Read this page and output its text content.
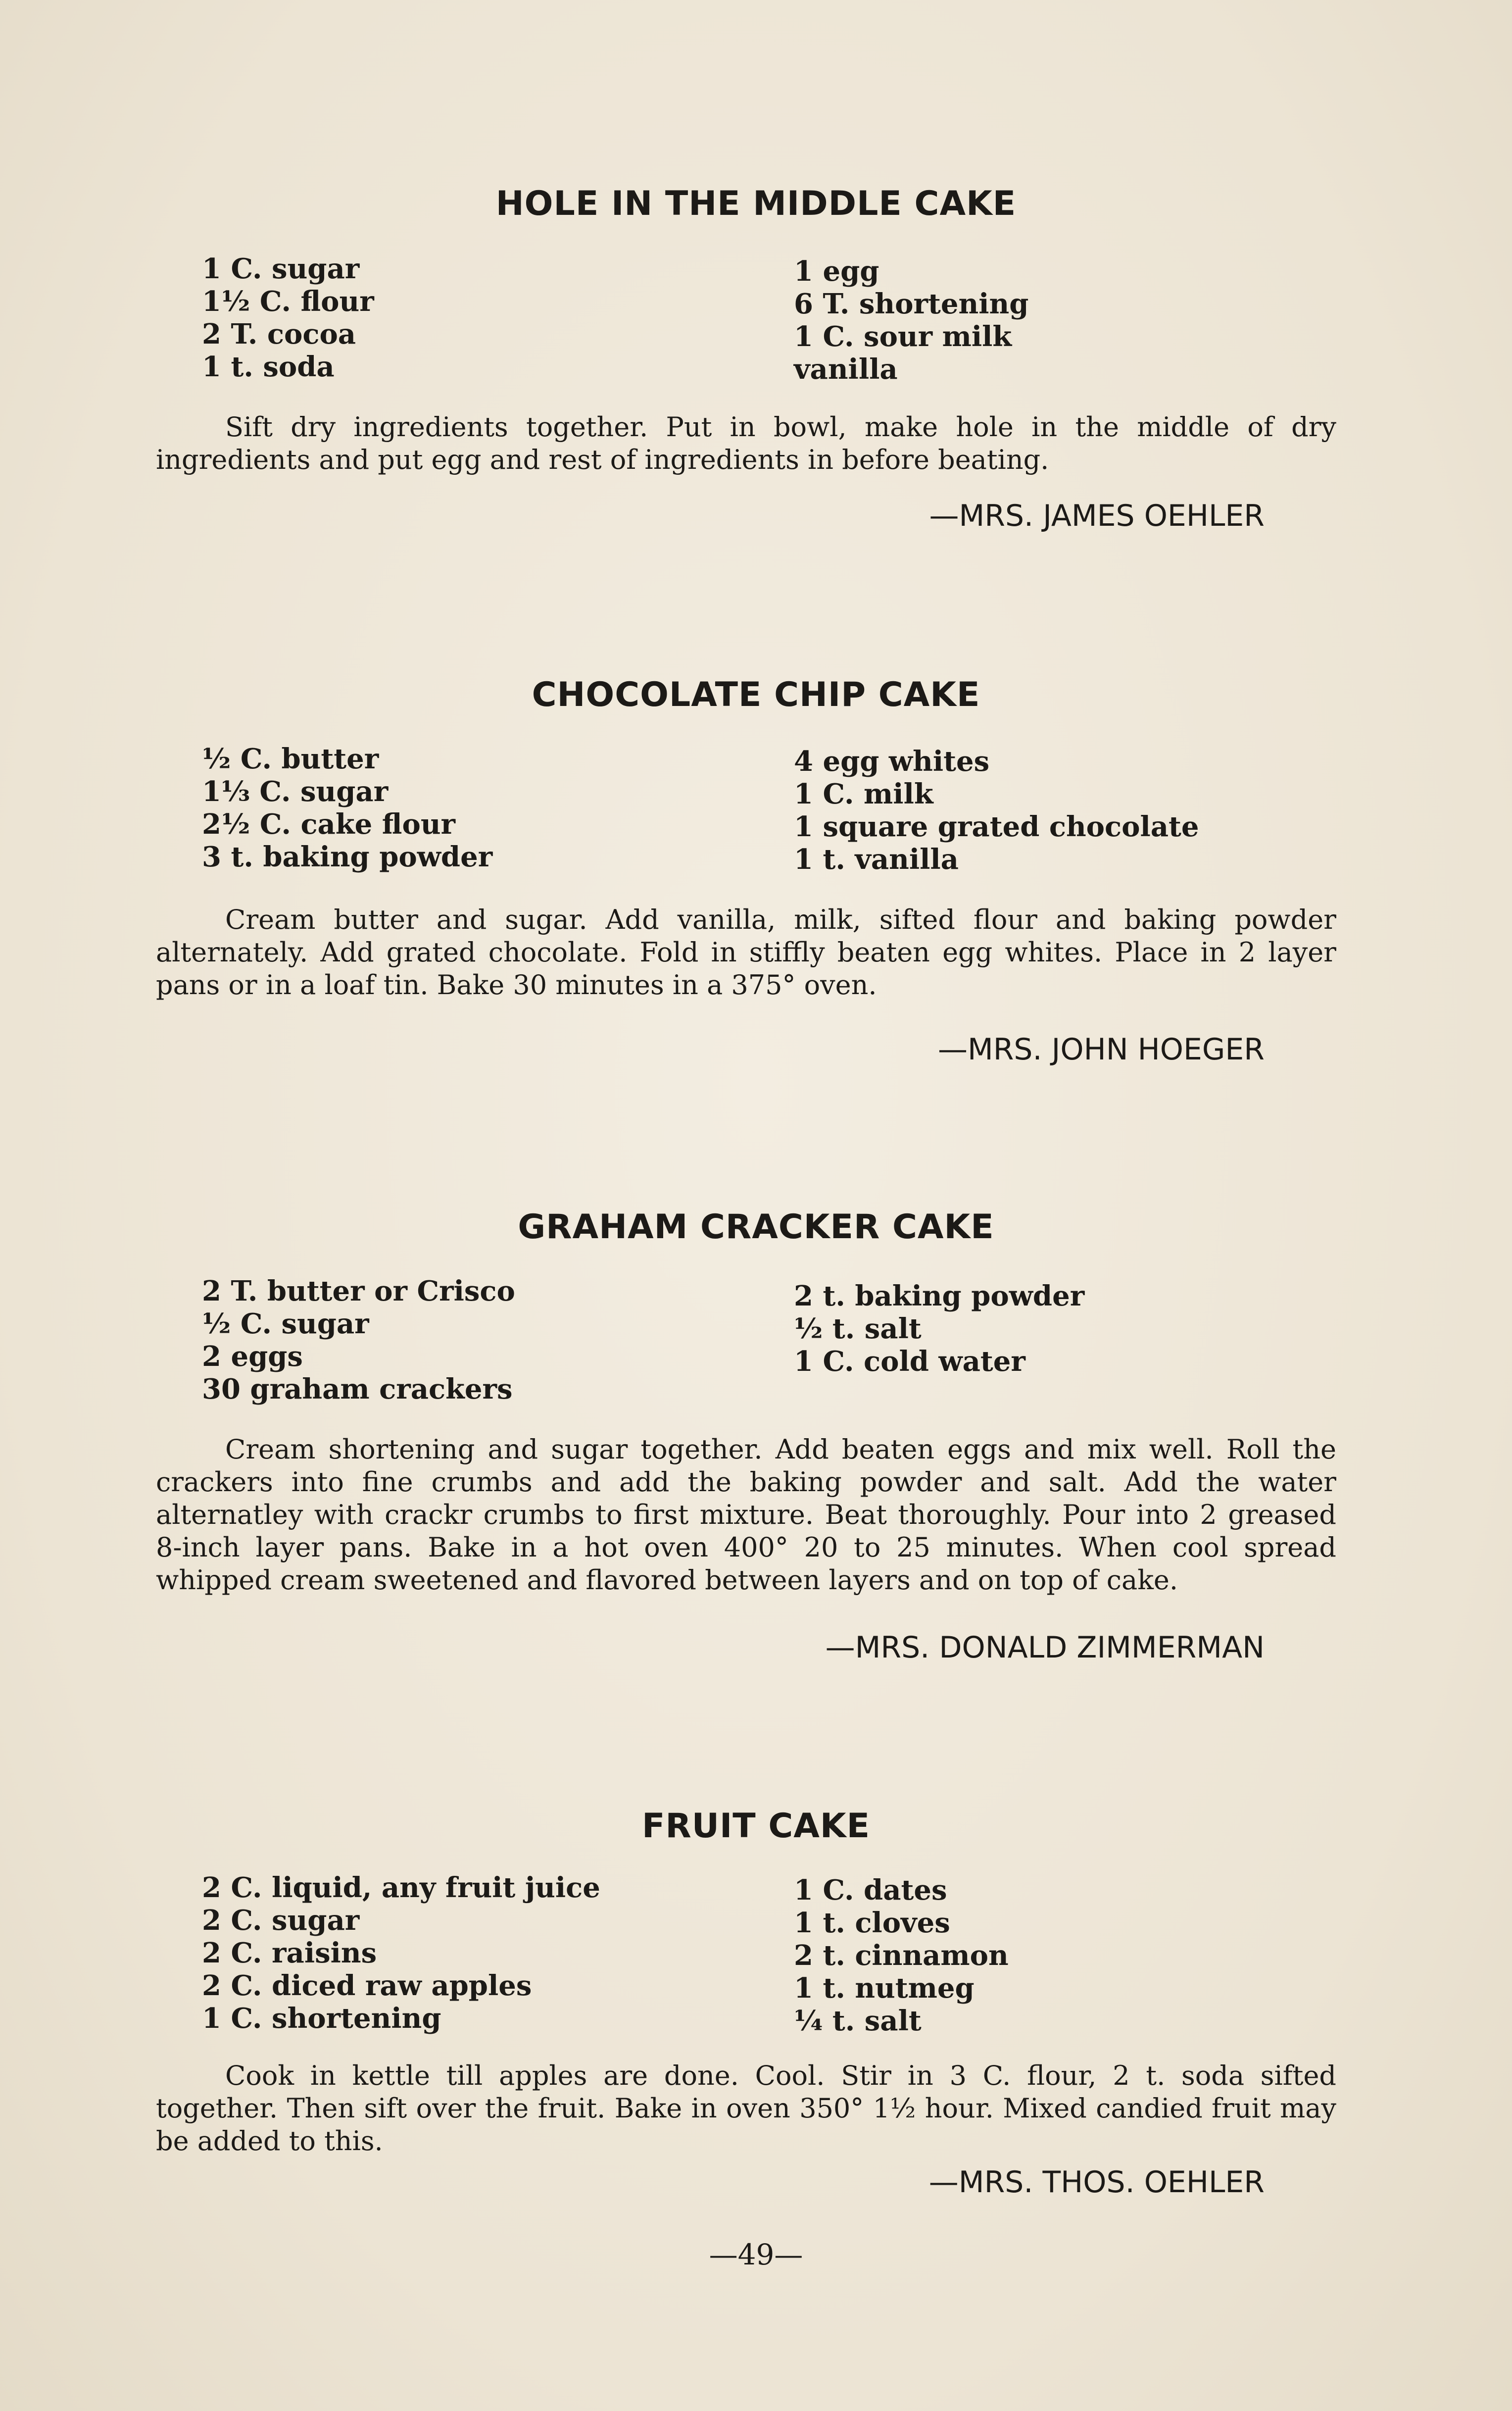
HOLE IN THE MIDDLE CAKE
1 C. sugar
1½ C. flour
2 T. cocoa
1 t. soda
1 egg
6 T. shortening
1 C. sour milk
vanilla
Sift dry ingredients together. Put in bowl, make hole in the middle of dry ingredients and put egg and rest of ingredients in before beating.
—MRS. JAMES OEHLER
CHOCOLATE CHIP CAKE
½ C. butter
1⅓ C. sugar
2½ C. cake flour
3 t. baking powder
4 egg whites
1 C. milk
1 square grated chocolate
1 t. vanilla
Cream butter and sugar. Add vanilla, milk, sifted flour and baking powder alternately. Add grated chocolate. Fold in stiffly beaten egg whites. Place in 2 layer pans or in a loaf tin. Bake 30 minutes in a 375° oven.
—MRS. JOHN HOEGER
GRAHAM CRACKER CAKE
2 T. butter or Crisco
½ C. sugar
2 eggs
30 graham crackers
2 t. baking powder
½ t. salt
1 C. cold water
Cream shortening and sugar together. Add beaten eggs and mix well. Roll the crackers into fine crumbs and add the baking powder and salt. Add the water alternatley with crackr crumbs to first mixture. Beat thoroughly. Pour into 2 greased 8-inch layer pans. Bake in a hot oven 400° 20 to 25 minutes. When cool spread whipped cream sweetened and flavored between layers and on top of cake.
—MRS. DONALD ZIMMERMAN
FRUIT CAKE
2 C. liquid, any fruit juice
2 C. sugar
2 C. raisins
2 C. diced raw apples
1 C. shortening
1 C. dates
1 t. cloves
2 t. cinnamon
1 t. nutmeg
¼ t. salt
Cook in kettle till apples are done. Cool. Stir in 3 C. flour, 2 t. soda sifted together. Then sift over the fruit. Bake in oven 350° 1½ hour. Mixed candied fruit may be added to this.
—MRS. THOS. OEHLER
—49—
